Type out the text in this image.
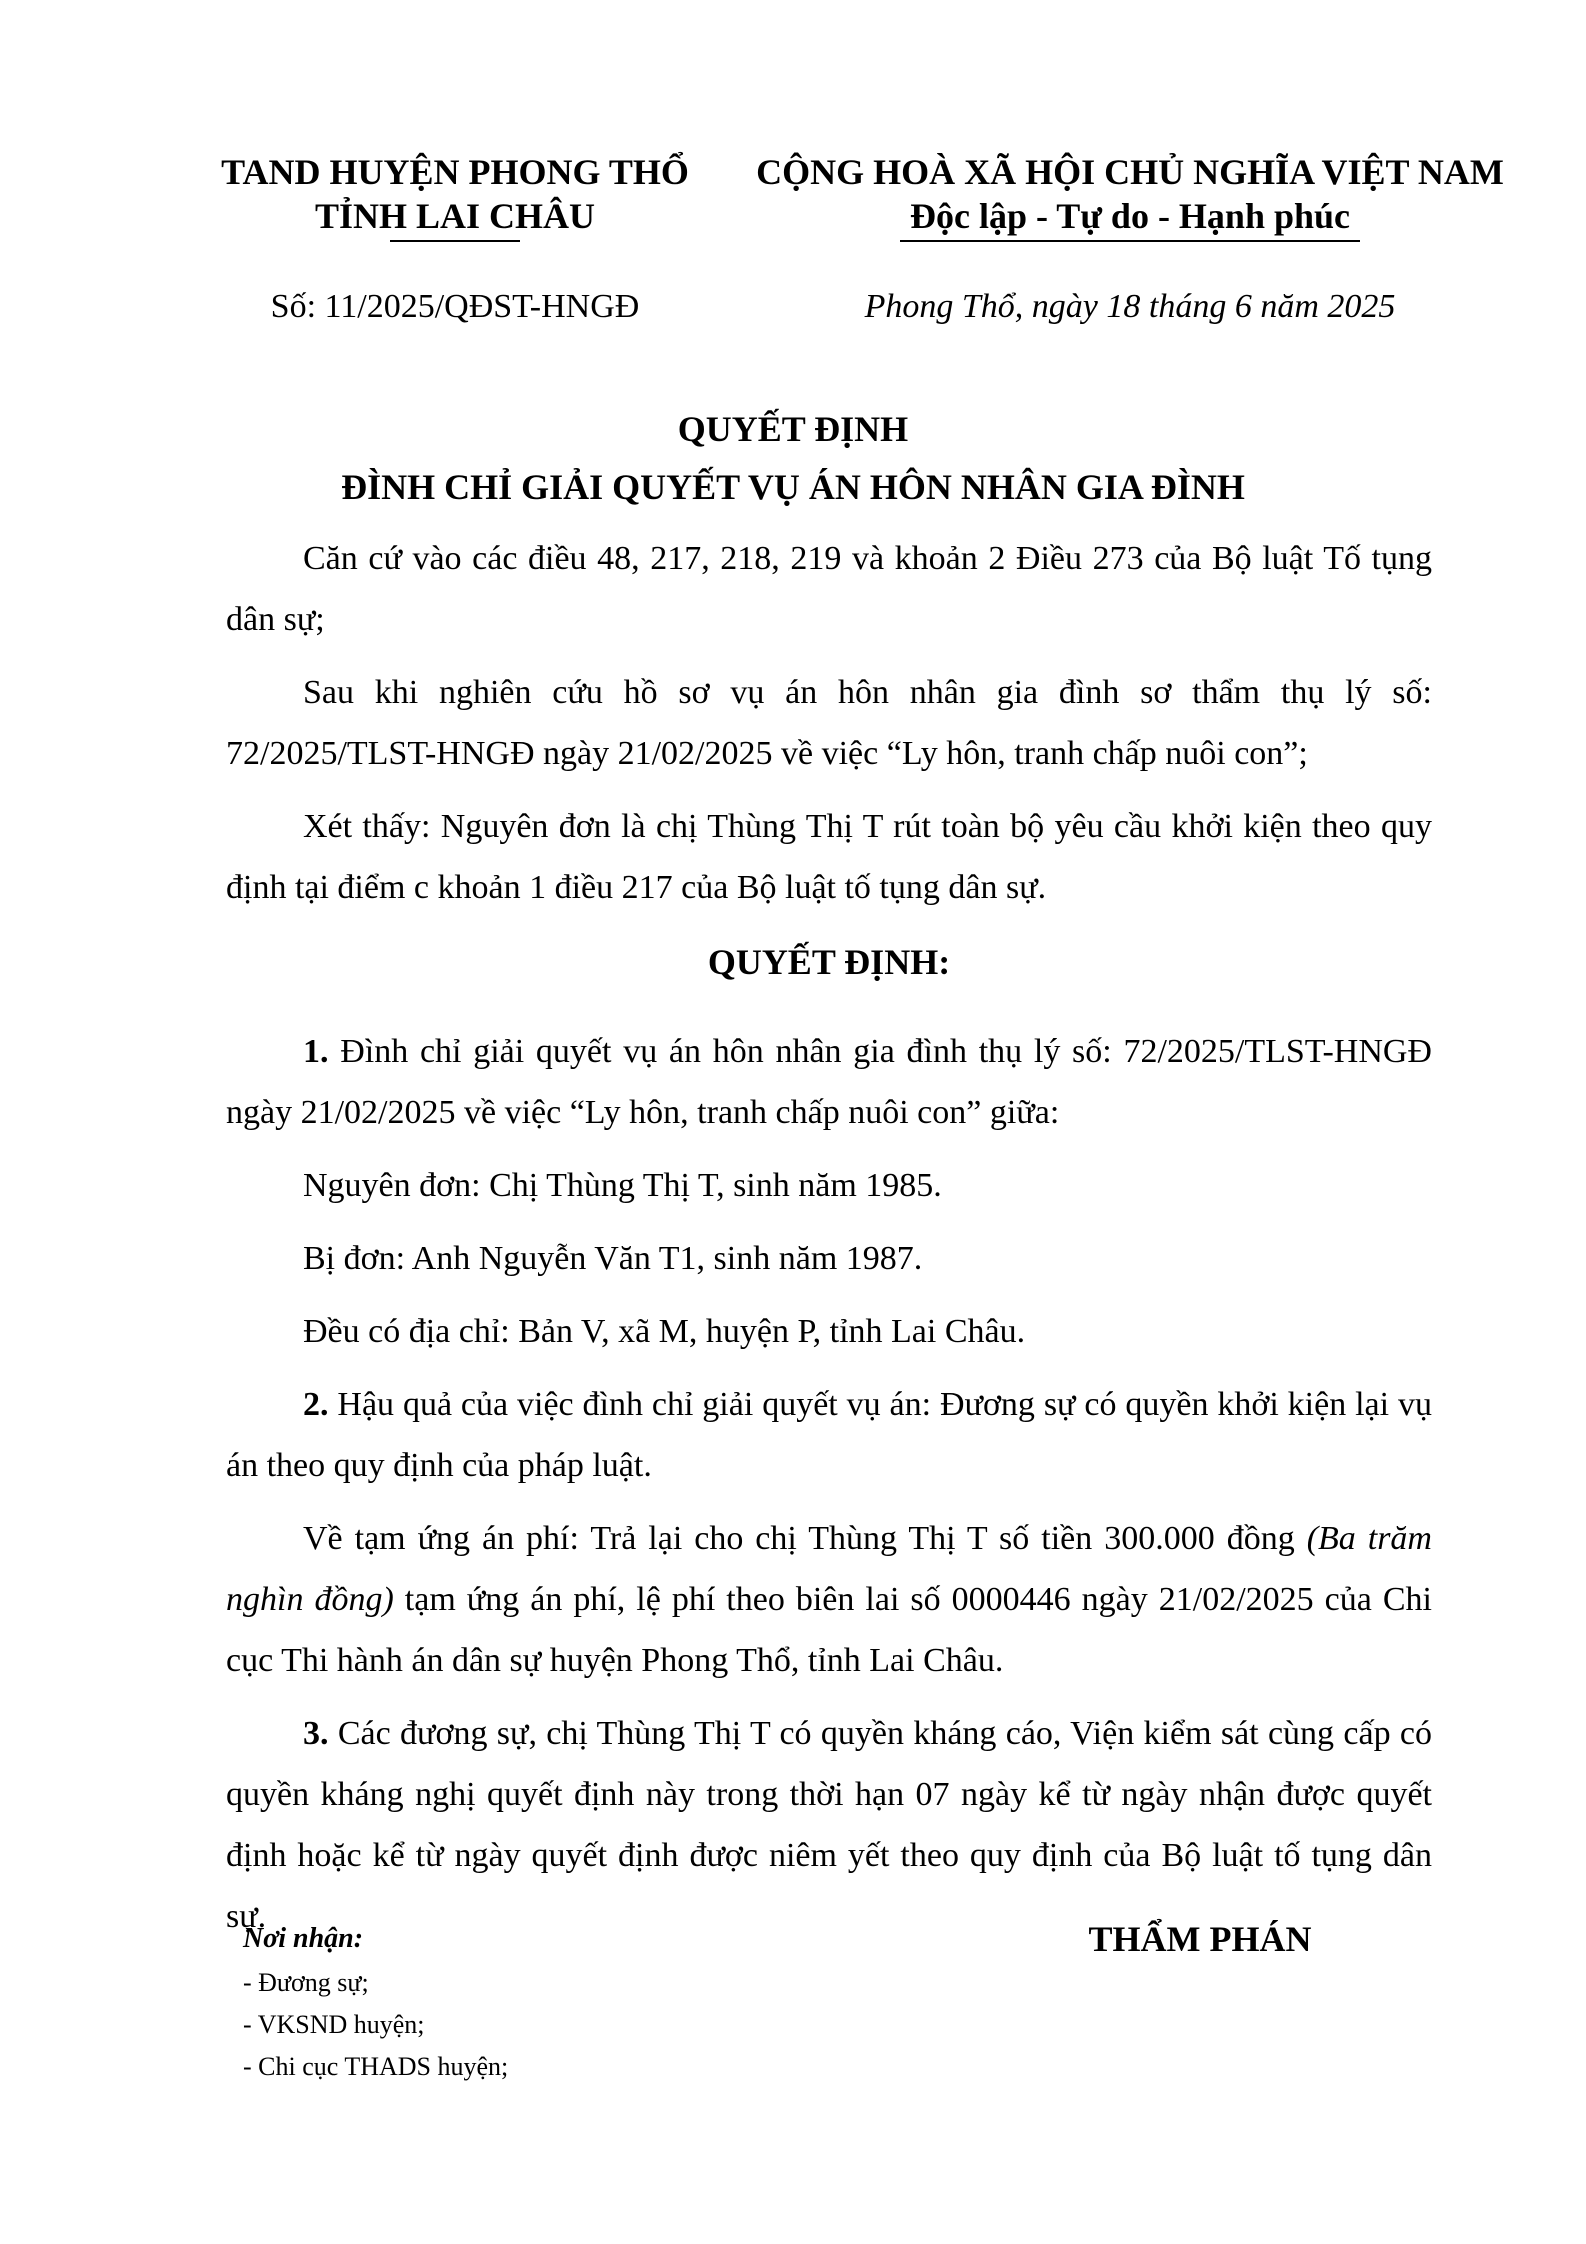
TAND HUYỆN PHONG THỔ
TỈNH LAI CHÂU
CỘNG HOÀ XÃ HỘI CHỦ NGHĨA VIỆT NAM
Độc lập - Tự do - Hạnh phúc
Số: 11/2025/QĐST-HNGĐ	Phong Thổ, ngày 18 tháng 6 năm 2025
QUYẾT ĐỊNH
ĐÌNH CHỈ GIẢI QUYẾT VỤ ÁN HÔN NHÂN GIA ĐÌNH

Căn cứ vào các điều 48, 217, 218, 219 và khoản 2 Điều 273 của Bộ luật Tố tụng dân sự;

Sau khi nghiên cứu hồ sơ vụ án hôn nhân gia đình sơ thẩm thụ lý số: 72/2025/TLST-HNGĐ ngày 21/02/2025 về việc “Ly hôn, tranh chấp nuôi con”;

Xét thấy: Nguyên đơn là chị Thùng Thị T rút toàn bộ yêu cầu khởi kiện theo quy định tại điểm c khoản 1 điều 217 của Bộ luật tố tụng dân sự.

QUYẾT ĐỊNH:

1. Đình chỉ giải quyết vụ án hôn nhân gia đình thụ lý số: 72/2025/TLST-HNGĐ ngày 21/02/2025 về việc “Ly hôn, tranh chấp nuôi con” giữa:

Nguyên đơn: Chị Thùng Thị T, sinh năm 1985.

Bị đơn: Anh Nguyễn Văn T1, sinh năm 1987.

Đều có địa chỉ: Bản V, xã M, huyện P, tỉnh Lai Châu.

2. Hậu quả của việc đình chỉ giải quyết vụ án: Đương sự có quyền khởi kiện lại vụ án theo quy định của pháp luật.

Về tạm ứng án phí: Trả lại cho chị Thùng Thị T số tiền 300.000 đồng (Ba trăm nghìn đồng) tạm ứng án phí, lệ phí theo biên lai số 0000446 ngày 21/02/2025 của Chi cục Thi hành án dân sự huyện Phong Thổ, tỉnh Lai Châu.

3. Các đương sự, chị Thùng Thị T có quyền kháng cáo, Viện kiểm sát cùng cấp có quyền kháng nghị quyết định này trong thời hạn 07 ngày kể từ ngày nhận được quyết định hoặc kể từ ngày quyết định được niêm yết theo quy định của Bộ luật tố tụng dân sự.

Nơi nhận:
- Đương sự;
- VKSND huyện;
- Chi cục THADS huyện;
THẨM PHÁN
